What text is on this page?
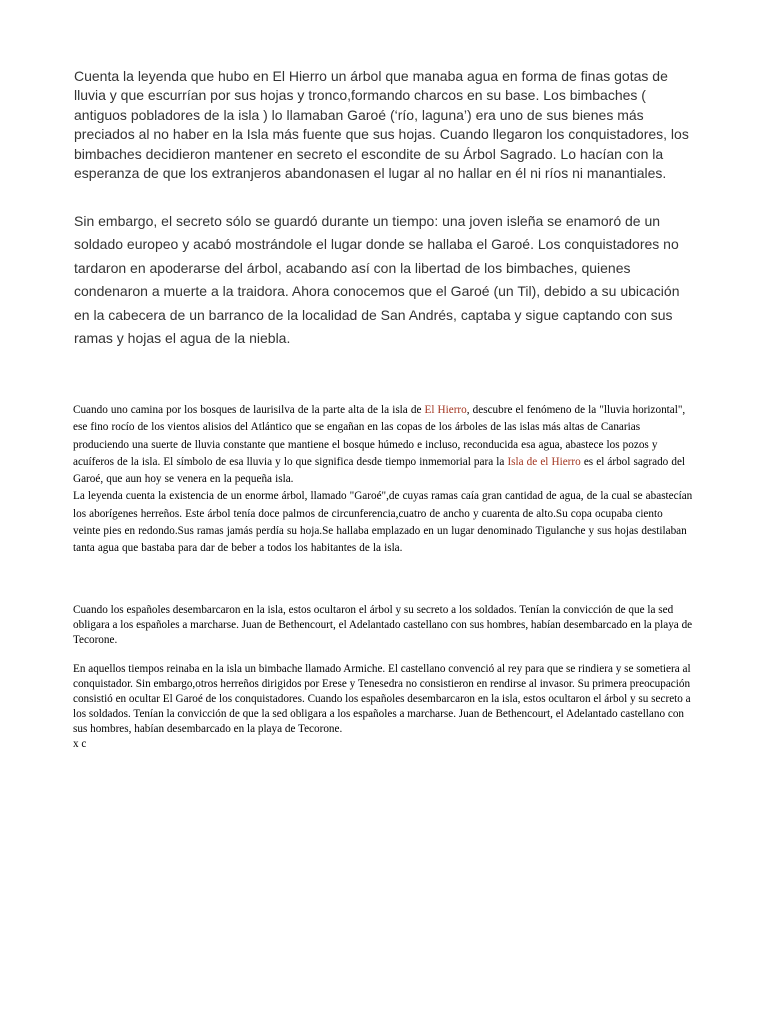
Cuenta la leyenda que hubo en El Hierro un árbol que manaba agua en forma de finas gotas de lluvia y que escurrían por sus hojas y tronco,formando charcos en su base. Los bimbaches ( antiguos pobladores de la isla ) lo llamaban Garoé (‘río, laguna’) era uno de sus bienes más preciados al no haber en la Isla más fuente que sus hojas. Cuando llegaron los conquistadores, los bimbaches decidieron mantener en secreto el escondite de su Árbol Sagrado. Lo hacían con la esperanza de que los extranjeros abandonasen el lugar al no hallar en él ni ríos ni manantiales.

Sin embargo, el secreto sólo se guardó durante un tiempo: una joven isleña se enamoró de un soldado europeo y acabó mostrándole el lugar donde se hallaba el Garoé. Los conquistadores no tardaron en apoderarse del árbol, acabando así con la libertad de los bimbaches, quienes condenaron a muerte a la traidora. Ahora conocemos que el Garoé (un Til), debido a su ubicación en la cabecera de un barranco de la localidad de San Andrés, captaba y sigue captando con sus ramas y hojas el agua de la niebla.

Cuando uno camina por los bosques de laurisilva de la parte alta de la isla de El Hierro, descubre el fenómeno de la "lluvia horizontal", ese fino rocío de los vientos alisios del Atlántico que se engañan en las copas de los árboles de las islas más altas de Canarias produciendo una suerte de lluvia constante que mantiene el bosque húmedo e incluso, reconducida esa agua, abastece los pozos y acuíferos de la isla. El símbolo de esa lluvia y lo que significa desde tiempo inmemorial para la Isla de el Hierro es el árbol sagrado del Garoé, que aun hoy se venera en la pequeña isla.
La leyenda cuenta la existencia de un enorme árbol, llamado "Garoé",de cuyas ramas caía gran cantidad de agua, de la cual se abastecían los aborígenes herreños. Este árbol tenía doce palmos de circunferencia,cuatro de ancho y cuarenta de alto.Su copa ocupaba ciento veinte pies en redondo.Sus ramas jamás perdía su hoja.Se hallaba emplazado en un lugar denominado Tigulanche y sus hojas destilaban tanta agua que bastaba para dar de beber a todos los habitantes de la isla.

Cuando los españoles desembarcaron en la isla, estos ocultaron el árbol y su secreto a los soldados. Tenían la convicción de que la sed obligara a los españoles a marcharse. Juan de Bethencourt, el Adelantado castellano con sus hombres, habían desembarcado en la playa de Tecorone.

En aquellos tiempos reinaba en la isla un bimbache llamado Armiche. El castellano convenció al rey para que se rindiera y se sometiera al conquistador. Sin embargo,otros herreños dirigidos por Erese y Tenesedra no consistieron en rendirse al invasor. Su primera preocupación consistió en ocultar El Garoé de los conquistadores. Cuando los españoles desembarcaron en la isla, estos ocultaron el árbol y su secreto a los soldados. Tenían la convicción de que la sed obligara a los españoles a marcharse. Juan de Bethencourt, el Adelantado castellano con sus hombres, habían desembarcado en la playa de Tecorone.
x c
